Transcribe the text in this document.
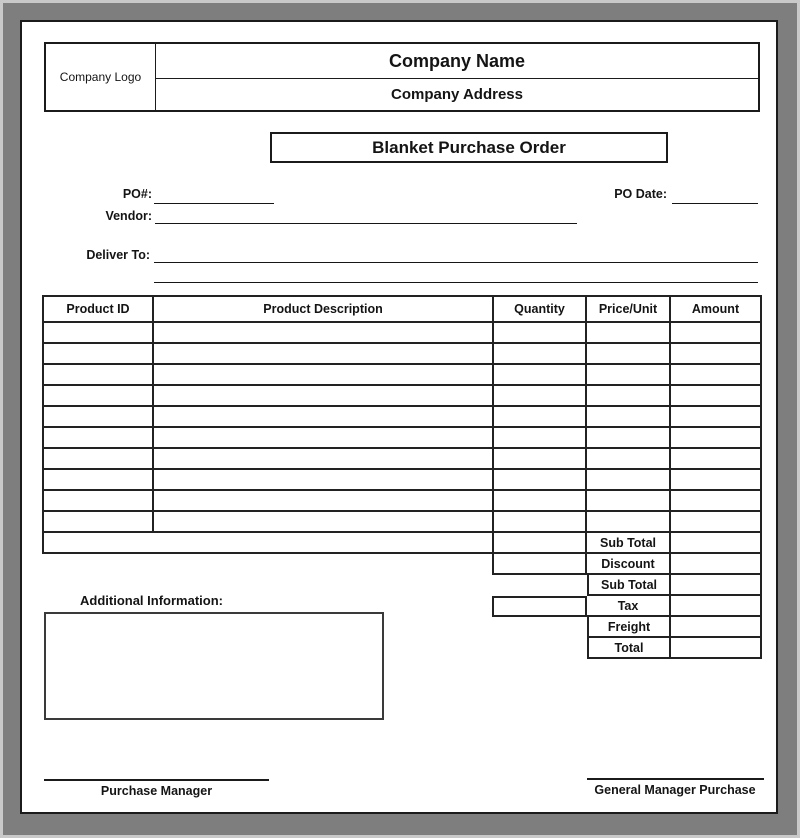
Company Logo
Company Name
Company Address
Blanket Purchase Order
PO#:	PO Date:
Vendor:
Deliver To:
Product ID	Product Description	Quantity	Price/Unit	Amount
Sub Total
Discount
Sub Total
Tax
Freight
Total
Additional Information:
Purchase Manager	General Manager Purchase
